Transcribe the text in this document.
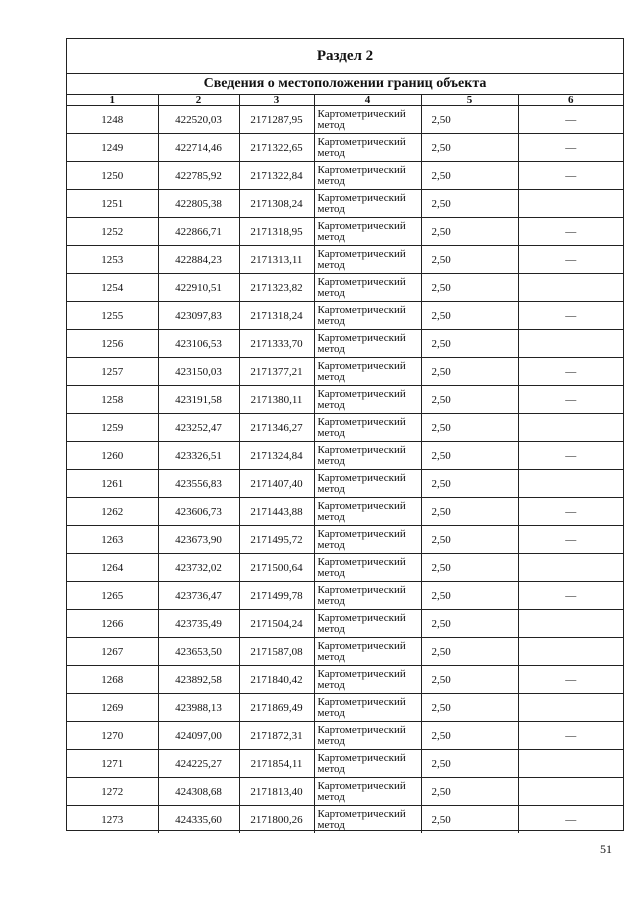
Раздел 2
Сведения о местоположении границ объекта
1	2	3	4	5	6
1248	422520,03	2171287,95	Картометрический
метод	2,50	—
1249	422714,46	2171322,65	Картометрический
метод	2,50	—
1250	422785,92	2171322,84	Картометрический
метод	2,50	—
1251	422805,38	2171308,24	Картометрический
метод	2,50	
1252	422866,71	2171318,95	Картометрический
метод	2,50	—
1253	422884,23	2171313,11	Картометрический
метод	2,50	—
1254	422910,51	2171323,82	Картометрический
метод	2,50	
1255	423097,83	2171318,24	Картометрический
метод	2,50	—
1256	423106,53	2171333,70	Картометрический
метод	2,50	
1257	423150,03	2171377,21	Картометрический
метод	2,50	—
1258	423191,58	2171380,11	Картометрический
метод	2,50	—
1259	423252,47	2171346,27	Картометрический
метод	2,50	
1260	423326,51	2171324,84	Картометрический
метод	2,50	—
1261	423556,83	2171407,40	Картометрический
метод	2,50	
1262	423606,73	2171443,88	Картометрический
метод	2,50	—
1263	423673,90	2171495,72	Картометрический
метод	2,50	—
1264	423732,02	2171500,64	Картометрический
метод	2,50	
1265	423736,47	2171499,78	Картометрический
метод	2,50	—
1266	423735,49	2171504,24	Картометрический
метод	2,50	
1267	423653,50	2171587,08	Картометрический
метод	2,50	
1268	423892,58	2171840,42	Картометрический
метод	2,50	—
1269	423988,13	2171869,49	Картометрический
метод	2,50	
1270	424097,00	2171872,31	Картометрический
метод	2,50	—
1271	424225,27	2171854,11	Картометрический
метод	2,50	
1272	424308,68	2171813,40	Картометрический
метод	2,50	
1273	424335,60	2171800,26	Картометрический
метод	2,50	—
51
